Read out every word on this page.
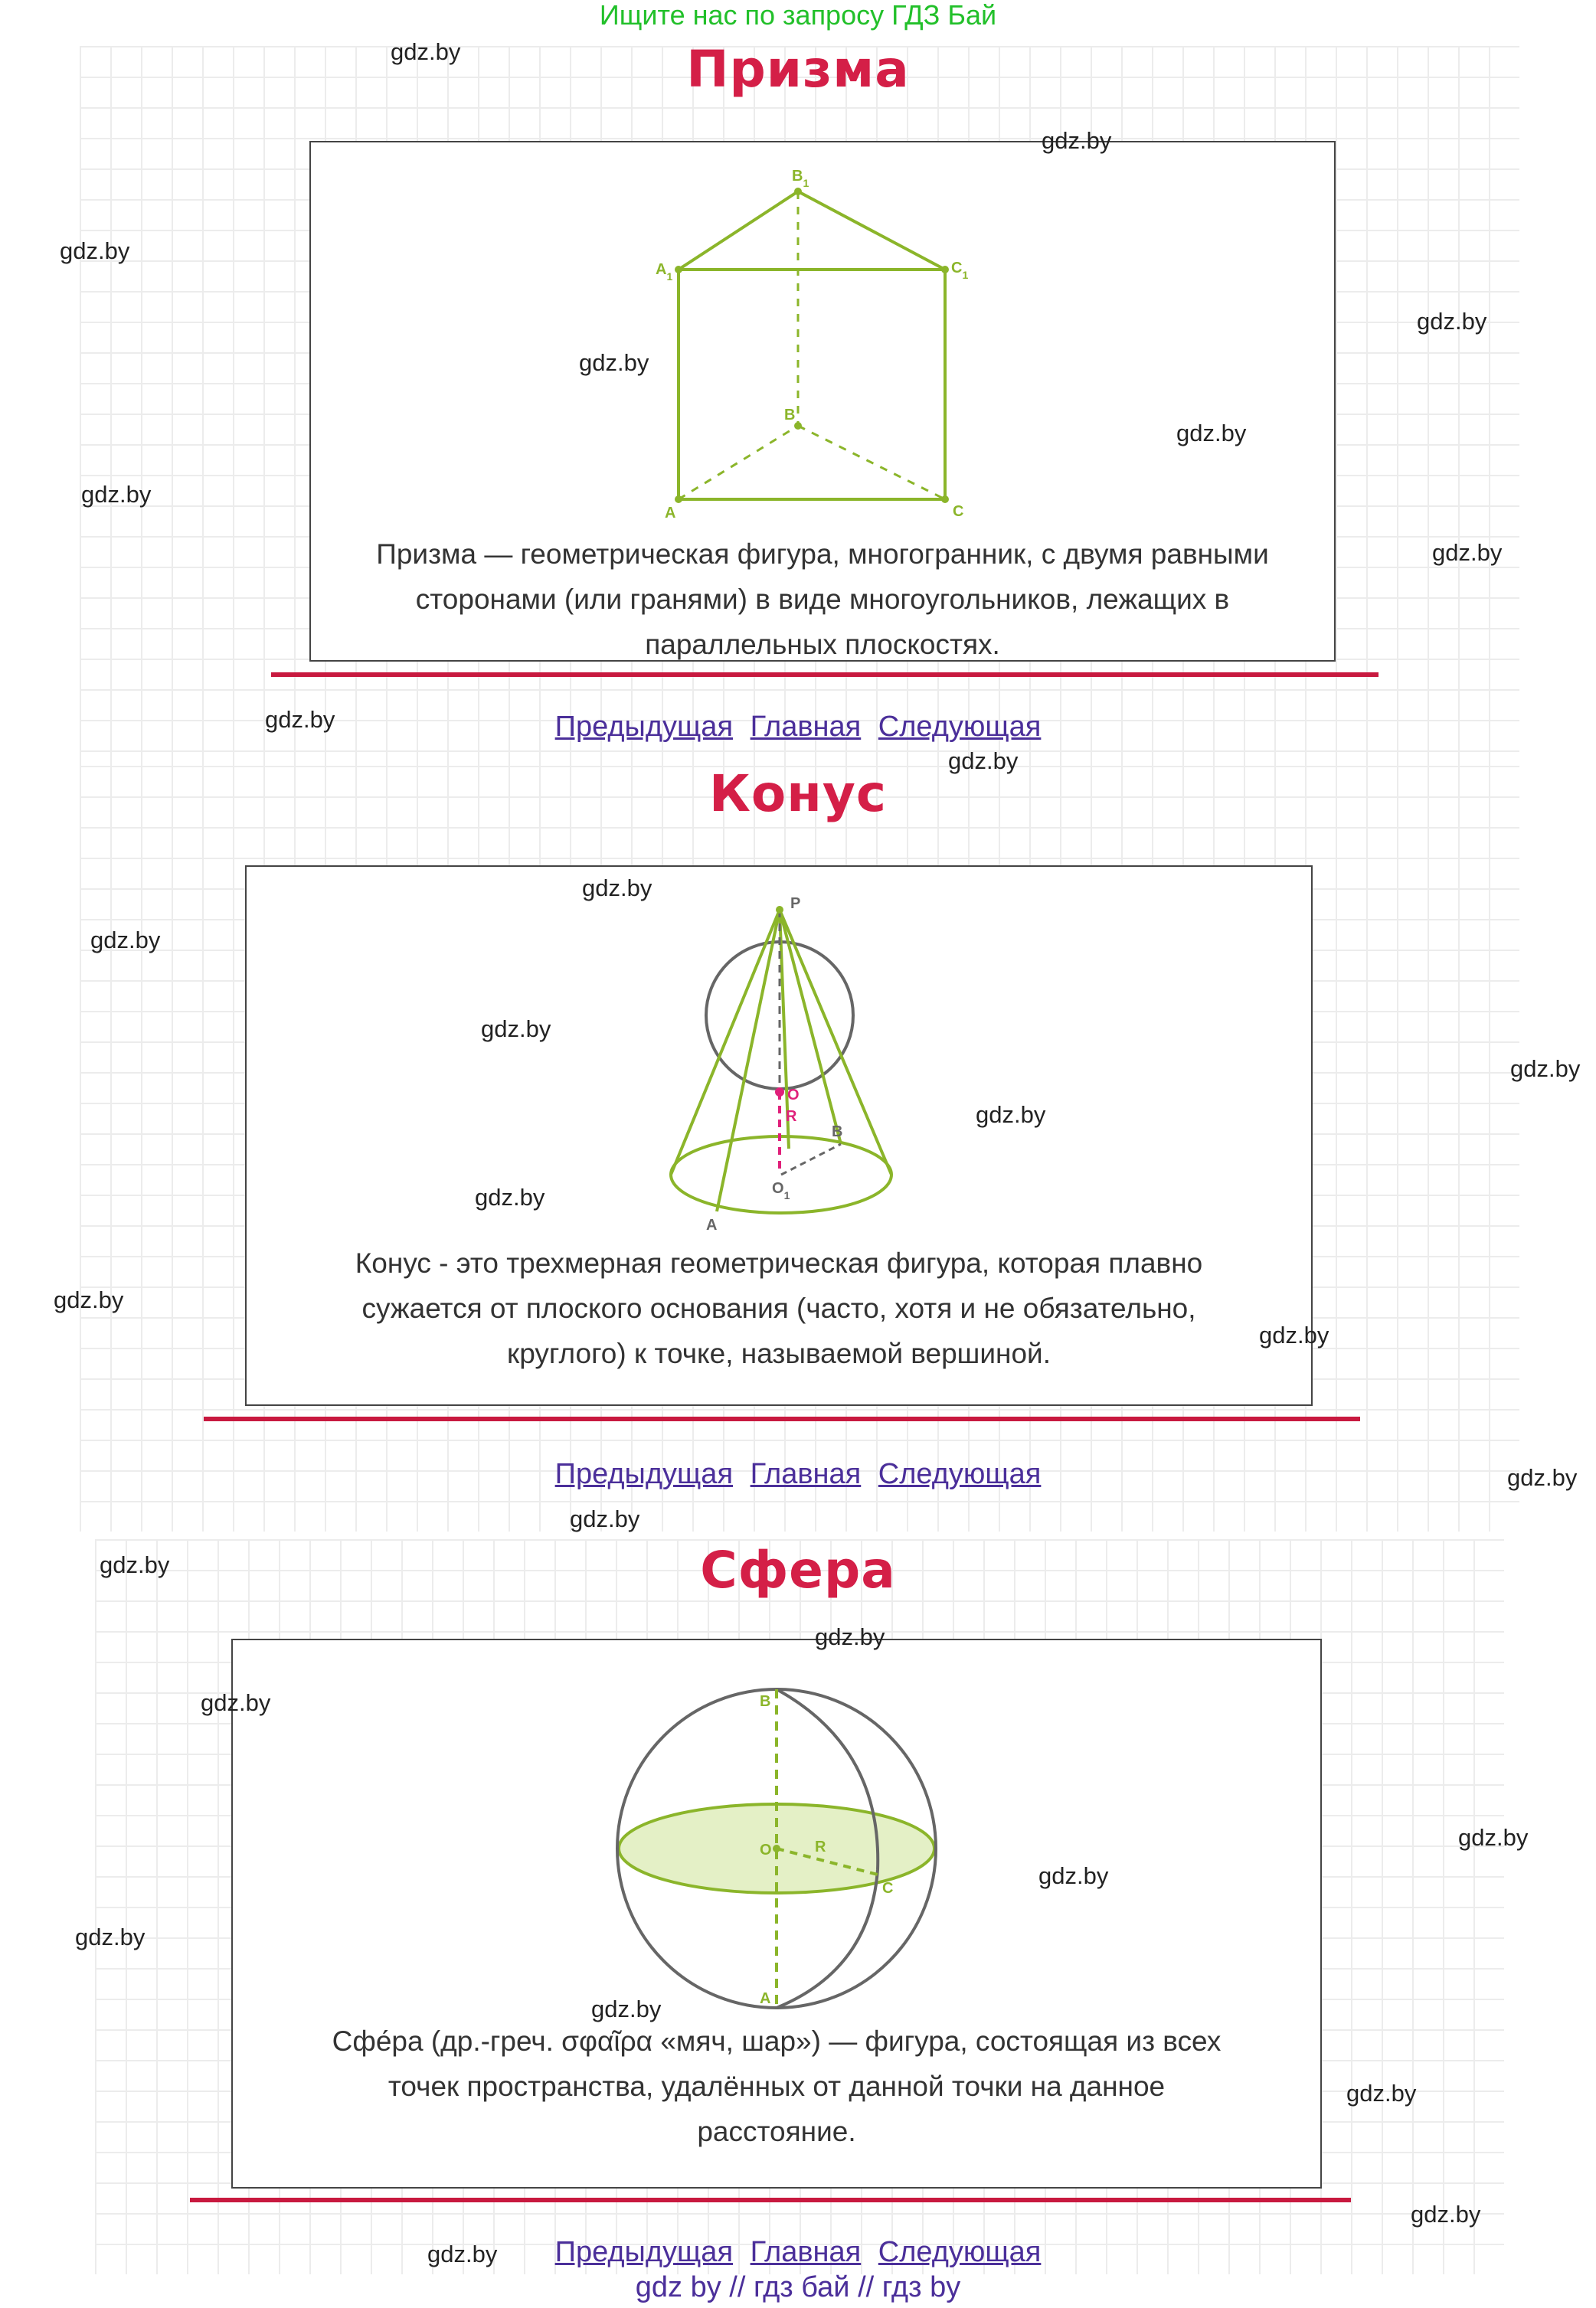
Ищите нас по запросу ГДЗ Бай
Призма
$A_1$
$B_1$
$C_1$
A
B
C
Призма — геометрическая фигура, многогранник, с двумя равными
сторонами (или гранями) в виде многоугольников, лежащих в
параллельных плоскостях.
Предыдущая Главная Следующая
Конус
P
O
R
B
$O_1$
A
Конус - это трехмерная геометрическая фигура, которая плавно
сужается от плоского основания (часто, хотя и не обязательно,
круглого) к точке, называемой вершиной.
Предыдущая Главная Следующая
Сфера
B
O	R
C
A
Сфе́ра (др.-греч. σφαῖρα «мяч, шар») — фигура, состоящая из всех
точек пространства, удалённых от данной точки на данное
расстояние.
Предыдущая Главная Следующая
gdz by // гдз бай // гдз by
gdz.by
gdz.by
gdz.by
gdz.by
gdz.by
gdz.by
gdz.by
gdz.by
gdz.by
gdz.by
gdz.by
gdz.by
gdz.by
gdz.by
gdz.by
gdz.by
gdz.by
gdz.by
gdz.by
gdz.by
gdz.by
gdz.by
gdz.by
gdz.by
gdz.by
gdz.by
gdz.by
gdz.by
gdz.by
gdz.by
